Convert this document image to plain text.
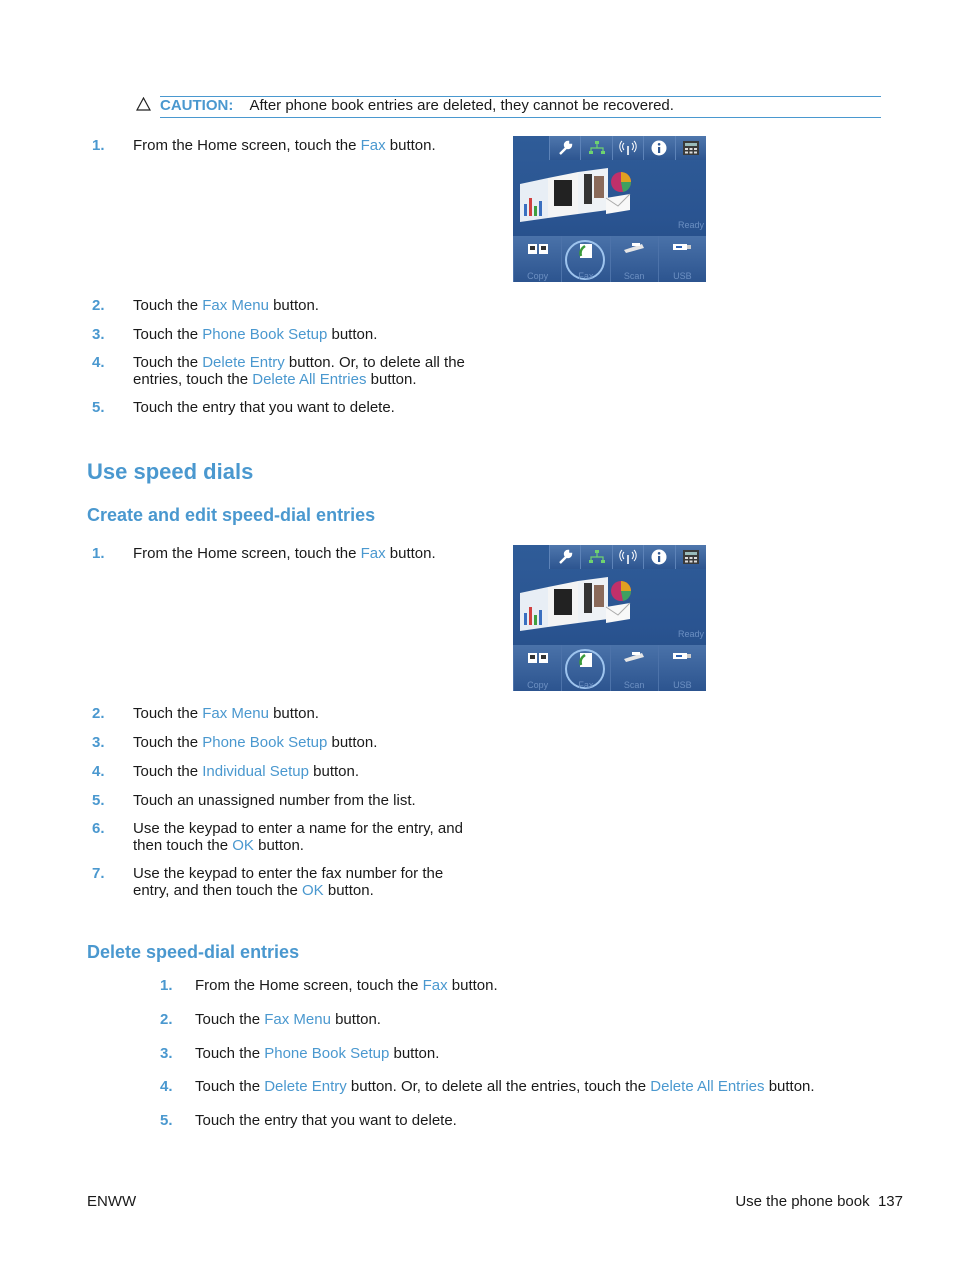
CAUTION: After phone book entries are deleted, they cannot be recovered.
1. From the Home screen, touch the Fax button.
Ready
Copy	Fax	Scan	USB
2. Touch the Fax Menu button.
3. Touch the Phone Book Setup button.
4. Touch the Delete Entry button. Or, to delete all the entries, touch the Delete All Entries button.
5. Touch the entry that you want to delete.
Use speed dials
Create and edit speed-dial entries
1. From the Home screen, touch the Fax button.
Ready
Copy	Fax	Scan	USB
2. Touch the Fax Menu button.
3. Touch the Phone Book Setup button.
4. Touch the Individual Setup button.
5. Touch an unassigned number from the list.
6. Use the keypad to enter a name for the entry, and then touch the OK button.
7. Use the keypad to enter the fax number for the entry, and then touch the OK button.
Delete speed-dial entries
1. From the Home screen, touch the Fax button.
2. Touch the Fax Menu button.
3. Touch the Phone Book Setup button.
4. Touch the Delete Entry button. Or, to delete all the entries, touch the Delete All Entries button.
5. Touch the entry that you want to delete.
ENWW	Use the phone book 137
